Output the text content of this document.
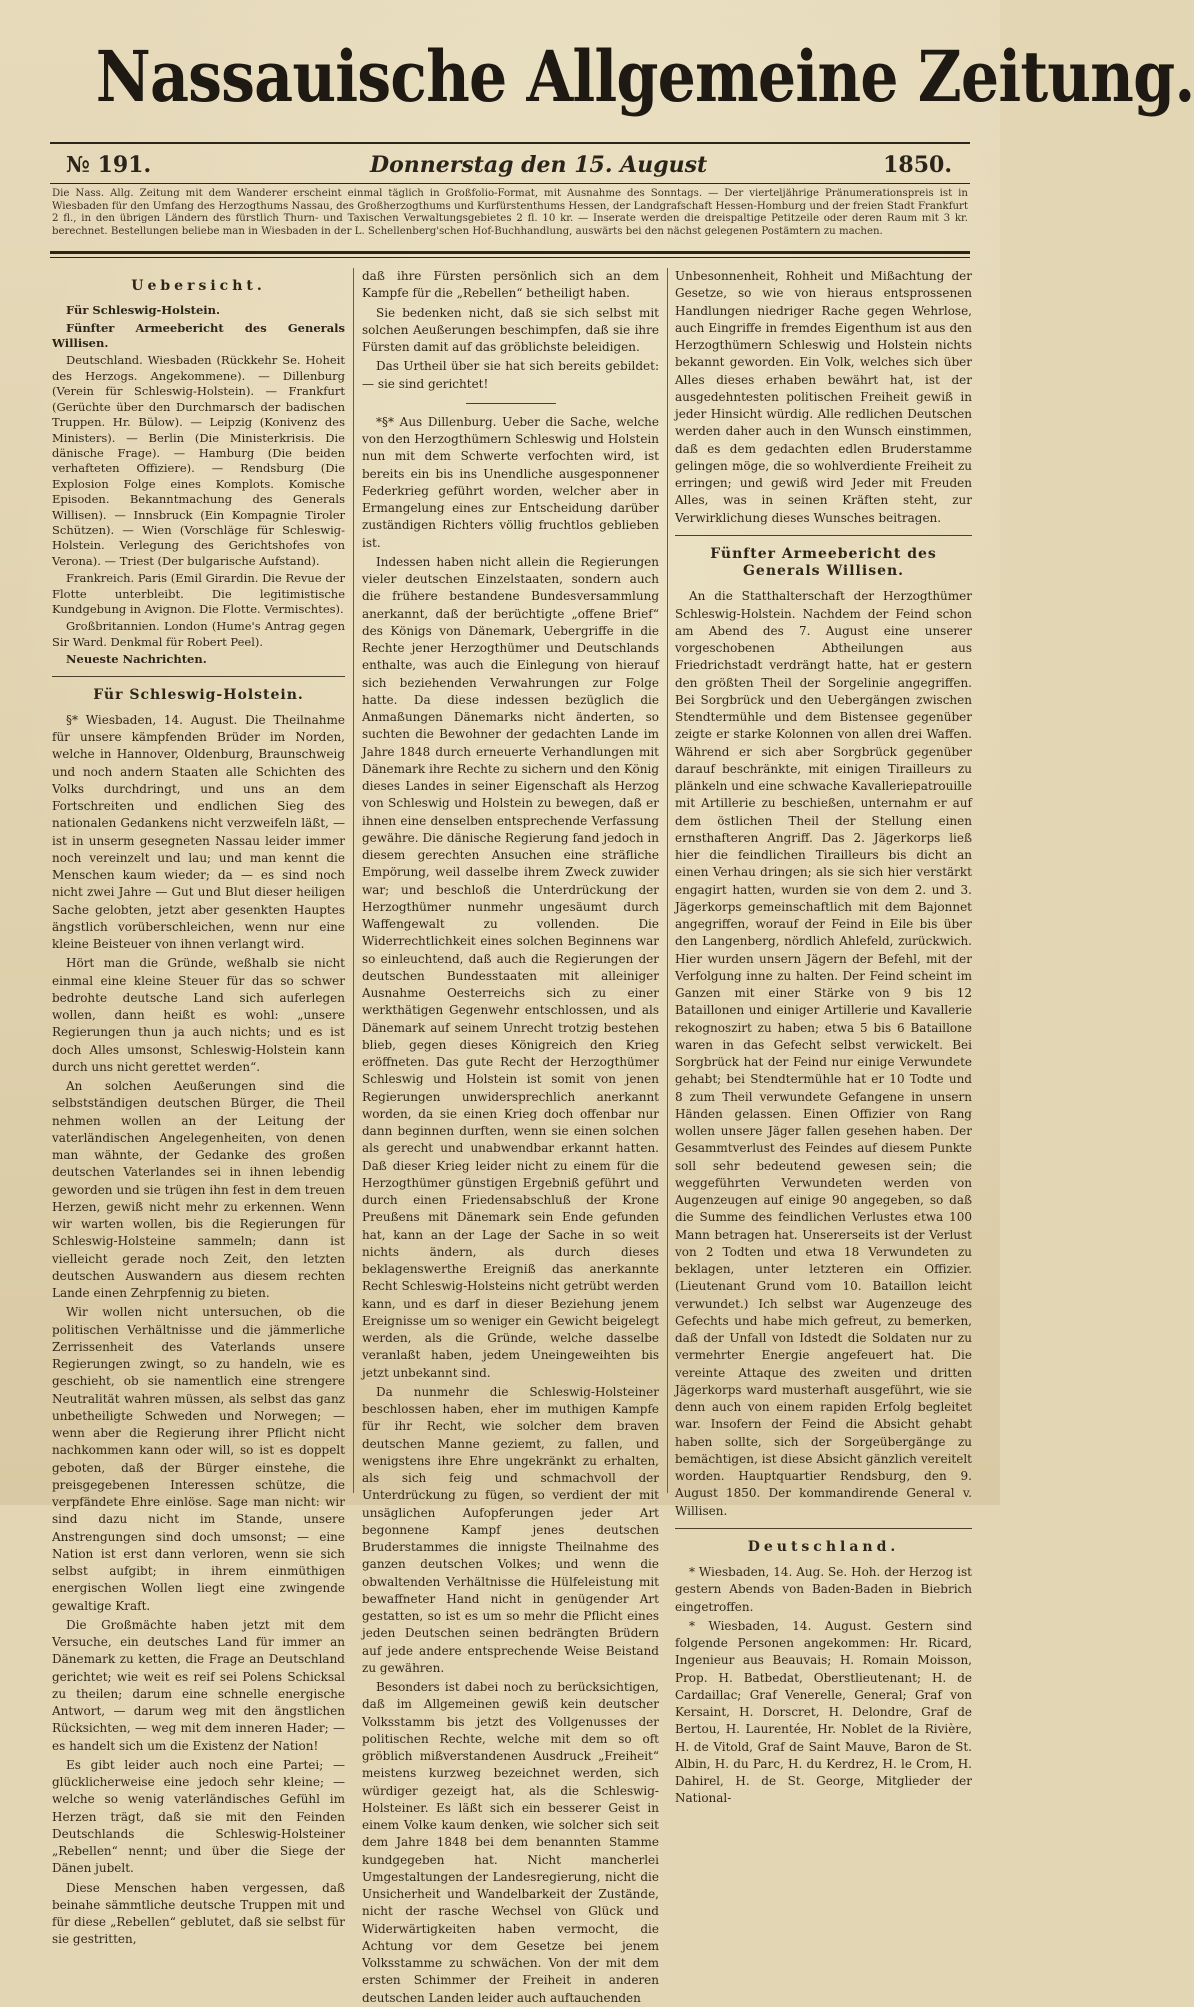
Nassauische Allgemeine Zeitung.
№ 191.	Donnerstag den 15. August	1850.
Die Nass. Allg. Zeitung mit dem Wanderer erscheint einmal täglich in Großfolio-Format, mit Ausnahme des Sonntags. — Der vierteljährige Pränumerationspreis ist in Wiesbaden für den Umfang des Herzogthums Nassau, des Großherzogthums und Kurfürstenthums Hessen, der Landgrafschaft Hessen-Homburg und der freien Stadt Frankfurt 2 fl., in den übrigen Ländern des fürstlich Thurn- und Taxischen Verwaltungsgebietes 2 fl. 10 kr. — Inserate werden die dreispaltige Petitzeile oder deren Raum mit 3 kr. berechnet. Bestellungen beliebe man in Wiesbaden in der L. Schellenberg'schen Hof-Buchhandlung, auswärts bei den nächst gelegenen Postämtern zu machen.
Uebersicht.

Für Schleswig-Holstein.

Fünfter Armeebericht des Generals Willisen.

Deutschland. Wiesbaden (Rückkehr Se. Hoheit des Herzogs. Angekommene). — Dillenburg (Verein für Schleswig-Holstein). — Frankfurt (Gerüchte über den Durchmarsch der badischen Truppen. Hr. Bülow). — Leipzig (Konivenz des Ministers). — Berlin (Die Ministerkrisis. Die dänische Frage). — Hamburg (Die beiden verhafteten Offiziere). — Rendsburg (Die Explosion Folge eines Komplots. Komische Episoden. Bekanntmachung des Generals Willisen). — Innsbruck (Ein Kompagnie Tiroler Schützen). — Wien (Vorschläge für Schleswig-Holstein. Verlegung des Gerichtshofes von Verona). — Triest (Der bulgarische Aufstand).

Frankreich. Paris (Emil Girardin. Die Revue der Flotte unterbleibt. Die legitimistische Kundgebung in Avignon. Die Flotte. Vermischtes).

Großbritannien. London (Hume's Antrag gegen Sir Ward. Denkmal für Robert Peel).

Neueste Nachrichten.

Für Schleswig-Holstein.

§* Wiesbaden, 14. August. Die Theilnahme für unsere kämpfenden Brüder im Norden, welche in Hannover, Oldenburg, Braunschweig und noch andern Staaten alle Schichten des Volks durchdringt, und uns an dem Fortschreiten und endlichen Sieg des nationalen Gedankens nicht verzweifeln läßt, — ist in unserm gesegneten Nassau leider immer noch vereinzelt und lau; und man kennt die Menschen kaum wieder; da — es sind noch nicht zwei Jahre — Gut und Blut dieser heiligen Sache gelobten, jetzt aber gesenkten Hauptes ängstlich vorüberschleichen, wenn nur eine kleine Beisteuer von ihnen verlangt wird.

Hört man die Gründe, weßhalb sie nicht einmal eine kleine Steuer für das so schwer bedrohte deutsche Land sich auferlegen wollen, dann heißt es wohl: „unsere Regierungen thun ja auch nichts; und es ist doch Alles umsonst, Schleswig-Holstein kann durch uns nicht gerettet werden“.

An solchen Aeußerungen sind die selbstständigen deutschen Bürger, die Theil nehmen wollen an der Leitung der vaterländischen Angelegenheiten, von denen man wähnte, der Gedanke des großen deutschen Vaterlandes sei in ihnen lebendig geworden und sie trügen ihn fest in dem treuen Herzen, gewiß nicht mehr zu erkennen. Wenn wir warten wollen, bis die Regierungen für Schleswig-Holsteine sammeln; dann ist vielleicht gerade noch Zeit, den letzten deutschen Auswandern aus diesem rechten Lande einen Zehrpfennig zu bieten.

Wir wollen nicht untersuchen, ob die politischen Verhältnisse und die jämmerliche Zerrissenheit des Vaterlands unsere Regierungen zwingt, so zu handeln, wie es geschieht, ob sie namentlich eine strengere Neutralität wahren müssen, als selbst das ganz unbetheiligte Schweden und Norwegen; — wenn aber die Regierung ihrer Pflicht nicht nachkommen kann oder will, so ist es doppelt geboten, daß der Bürger einstehe, die preisgegebenen Interessen schütze, die verpfändete Ehre einlöse. Sage man nicht: wir sind dazu nicht im Stande, unsere Anstrengungen sind doch umsonst; — eine Nation ist erst dann verloren, wenn sie sich selbst aufgibt; in ihrem einmüthigen energischen Wollen liegt eine zwingende gewaltige Kraft.

Die Großmächte haben jetzt mit dem Versuche, ein deutsches Land für immer an Dänemark zu ketten, die Frage an Deutschland gerichtet; wie weit es reif sei Polens Schicksal zu theilen; darum eine schnelle energische Antwort, — darum weg mit den ängstlichen Rücksichten, — weg mit dem inneren Hader; — es handelt sich um die Existenz der Nation!

Es gibt leider auch noch eine Partei; — glücklicherweise eine jedoch sehr kleine; — welche so wenig vaterländisches Gefühl im Herzen trägt, daß sie mit den Feinden Deutschlands die Schleswig-Holsteiner „Rebellen“ nennt; und über die Siege der Dänen jubelt.

Diese Menschen haben vergessen, daß beinahe sämmtliche deutsche Truppen mit und für diese „Rebellen“ geblutet, daß sie selbst für sie gestritten,

daß ihre Fürsten persönlich sich an dem Kampfe für die „Rebellen“ betheiligt haben.

Sie bedenken nicht, daß sie sich selbst mit solchen Aeußerungen beschimpfen, daß sie ihre Fürsten damit auf das gröblichste beleidigen.

Das Urtheil über sie hat sich bereits gebildet: — sie sind gerichtet!

*§* Aus Dillenburg. Ueber die Sache, welche von den Herzogthümern Schleswig und Holstein nun mit dem Schwerte verfochten wird, ist bereits ein bis ins Unendliche ausgesponnener Federkrieg geführt worden, welcher aber in Ermangelung eines zur Entscheidung darüber zuständigen Richters völlig fruchtlos geblieben ist.

Indessen haben nicht allein die Regierungen vieler deutschen Einzelstaaten, sondern auch die frühere bestandene Bundesversammlung anerkannt, daß der berüchtigte „offene Brief“ des Königs von Dänemark, Uebergriffe in die Rechte jener Herzogthümer und Deutschlands enthalte, was auch die Einlegung von hierauf sich beziehenden Verwahrungen zur Folge hatte. Da diese indessen bezüglich die Anmaßungen Dänemarks nicht änderten, so suchten die Bewohner der gedachten Lande im Jahre 1848 durch erneuerte Verhandlungen mit Dänemark ihre Rechte zu sichern und den König dieses Landes in seiner Eigenschaft als Herzog von Schleswig und Holstein zu bewegen, daß er ihnen eine denselben entsprechende Verfassung gewähre. Die dänische Regierung fand jedoch in diesem gerechten Ansuchen eine sträfliche Empörung, weil dasselbe ihrem Zweck zuwider war; und beschloß die Unterdrückung der Herzogthümer nunmehr ungesäumt durch Waffengewalt zu vollenden. Die Widerrechtlichkeit eines solchen Beginnens war so einleuchtend, daß auch die Regierungen der deutschen Bundesstaaten mit alleiniger Ausnahme Oesterreichs sich zu einer werkthätigen Gegenwehr entschlossen, und als Dänemark auf seinem Unrecht trotzig bestehen blieb, gegen dieses Königreich den Krieg eröffneten. Das gute Recht der Herzogthümer Schleswig und Holstein ist somit von jenen Regierungen unwidersprechlich anerkannt worden, da sie einen Krieg doch offenbar nur dann beginnen durften, wenn sie einen solchen als gerecht und unabwendbar erkannt hatten. Daß dieser Krieg leider nicht zu einem für die Herzogthümer günstigen Ergebniß geführt und durch einen Friedensabschluß der Krone Preußens mit Dänemark sein Ende gefunden hat, kann an der Lage der Sache in so weit nichts ändern, als durch dieses beklagenswerthe Ereigniß das anerkannte Recht Schleswig-Holsteins nicht getrübt werden kann, und es darf in dieser Beziehung jenem Ereignisse um so weniger ein Gewicht beigelegt werden, als die Gründe, welche dasselbe veranlaßt haben, jedem Uneingeweihten bis jetzt unbekannt sind.

Da nunmehr die Schleswig-Holsteiner beschlossen haben, eher im muthigen Kampfe für ihr Recht, wie solcher dem braven deutschen Manne geziemt, zu fallen, und wenigstens ihre Ehre ungekränkt zu erhalten, als sich feig und schmachvoll der Unterdrückung zu fügen, so verdient der mit unsäglichen Aufopferungen jeder Art begonnene Kampf jenes deutschen Bruderstammes die innigste Theilnahme des ganzen deutschen Volkes; und wenn die obwaltenden Verhältnisse die Hülfeleistung mit bewaffneter Hand nicht in genügender Art gestatten, so ist es um so mehr die Pflicht eines jeden Deutschen seinen bedrängten Brüdern auf jede andere entsprechende Weise Beistand zu gewähren.

Besonders ist dabei noch zu berücksichtigen, daß im Allgemeinen gewiß kein deutscher Volksstamm bis jetzt des Vollgenusses der politischen Rechte, welche mit dem so oft gröblich mißverstandenen Ausdruck „Freiheit“ meistens kurzweg bezeichnet werden, sich würdiger gezeigt hat, als die Schleswig-Holsteiner. Es läßt sich ein besserer Geist in einem Volke kaum denken, wie solcher sich seit dem Jahre 1848 bei dem benannten Stamme kundgegeben hat. Nicht mancherlei Umgestaltungen der Landesregierung, nicht die Unsicherheit und Wandelbarkeit der Zustände, nicht der rasche Wechsel von Glück und Widerwärtigkeiten haben vermocht, die Achtung vor dem Gesetze bei jenem Volksstamme zu schwächen. Von der mit dem ersten Schimmer der Freiheit in anderen deutschen Landen leider auch auftauchenden

Unbesonnenheit, Rohheit und Mißachtung der Gesetze, so wie von hieraus entsprossenen Handlungen niedriger Rache gegen Wehrlose, auch Eingriffe in fremdes Eigenthum ist aus den Herzogthümern Schleswig und Holstein nichts bekannt geworden. Ein Volk, welches sich über Alles dieses erhaben bewährt hat, ist der ausgedehntesten politischen Freiheit gewiß in jeder Hinsicht würdig. Alle redlichen Deutschen werden daher auch in den Wunsch einstimmen, daß es dem gedachten edlen Bruderstamme gelingen möge, die so wohlverdiente Freiheit zu erringen; und gewiß wird Jeder mit Freuden Alles, was in seinen Kräften steht, zur Verwirklichung dieses Wunsches beitragen.

Fünfter Armeebericht des Generals Willisen.

An die Statthalterschaft der Herzogthümer Schleswig-Holstein. Nachdem der Feind schon am Abend des 7. August eine unserer vorgeschobenen Abtheilungen aus Friedrichstadt verdrängt hatte, hat er gestern den größten Theil der Sorgelinie angegriffen. Bei Sorgbrück und den Uebergängen zwischen Stendtermühle und dem Bistensee gegenüber zeigte er starke Kolonnen von allen drei Waffen. Während er sich aber Sorgbrück gegenüber darauf beschränkte, mit einigen Tirailleurs zu plänkeln und eine schwache Kavalleriepatrouille mit Artillerie zu beschießen, unternahm er auf dem östlichen Theil der Stellung einen ernsthafteren Angriff. Das 2. Jägerkorps ließ hier die feindlichen Tirailleurs bis dicht an einen Verhau dringen; als sie sich hier verstärkt engagirt hatten, wurden sie von dem 2. und 3. Jägerkorps gemeinschaftlich mit dem Bajonnet angegriffen, worauf der Feind in Eile bis über den Langenberg, nördlich Ahlefeld, zurückwich. Hier wurden unsern Jägern der Befehl, mit der Verfolgung inne zu halten. Der Feind scheint im Ganzen mit einer Stärke von 9 bis 12 Bataillonen und einiger Artillerie und Kavallerie rekognoszirt zu haben; etwa 5 bis 6 Bataillone waren in das Gefecht selbst verwickelt. Bei Sorgbrück hat der Feind nur einige Verwundete gehabt; bei Stendtermühle hat er 10 Todte und 8 zum Theil verwundete Gefangene in unsern Händen gelassen. Einen Offizier von Rang wollen unsere Jäger fallen gesehen haben. Der Gesammtverlust des Feindes auf diesem Punkte soll sehr bedeutend gewesen sein; die weggeführten Verwundeten werden von Augenzeugen auf einige 90 angegeben, so daß die Summe des feindlichen Verlustes etwa 100 Mann betragen hat. Unsererseits ist der Verlust von 2 Todten und etwa 18 Verwundeten zu beklagen, unter letzteren ein Offizier. (Lieutenant Grund vom 10. Bataillon leicht verwundet.) Ich selbst war Augenzeuge des Gefechts und habe mich gefreut, zu bemerken, daß der Unfall von Idstedt die Soldaten nur zu vermehrter Energie angefeuert hat. Die vereinte Attaque des zweiten und dritten Jägerkorps ward musterhaft ausgeführt, wie sie denn auch von einem rapiden Erfolg begleitet war. Insofern der Feind die Absicht gehabt haben sollte, sich der Sorgeübergänge zu bemächtigen, ist diese Absicht gänzlich vereitelt worden. Hauptquartier Rendsburg, den 9. August 1850. Der kommandirende General v. Willisen.

Deutschland.

* Wiesbaden, 14. Aug. Se. Hoh. der Herzog ist gestern Abends von Baden-Baden in Biebrich eingetroffen.

* Wiesbaden, 14. August. Gestern sind folgende Personen angekommen: Hr. Ricard, Ingenieur aus Beauvais; H. Romain Moisson, Prop. H. Batbedat, Oberstlieutenant; H. de Cardaillac; Graf Venerelle, General; Graf von Kersaint, H. Dorscret, H. Delondre, Graf de Bertou, H. Laurentée, Hr. Noblet de la Rivière, H. de Vitold, Graf de Saint Mauve, Baron de St. Albin, H. du Parc, H. du Kerdrez, H. le Crom, H. Dahirel, H. de St. George, Mitglieder der National-
